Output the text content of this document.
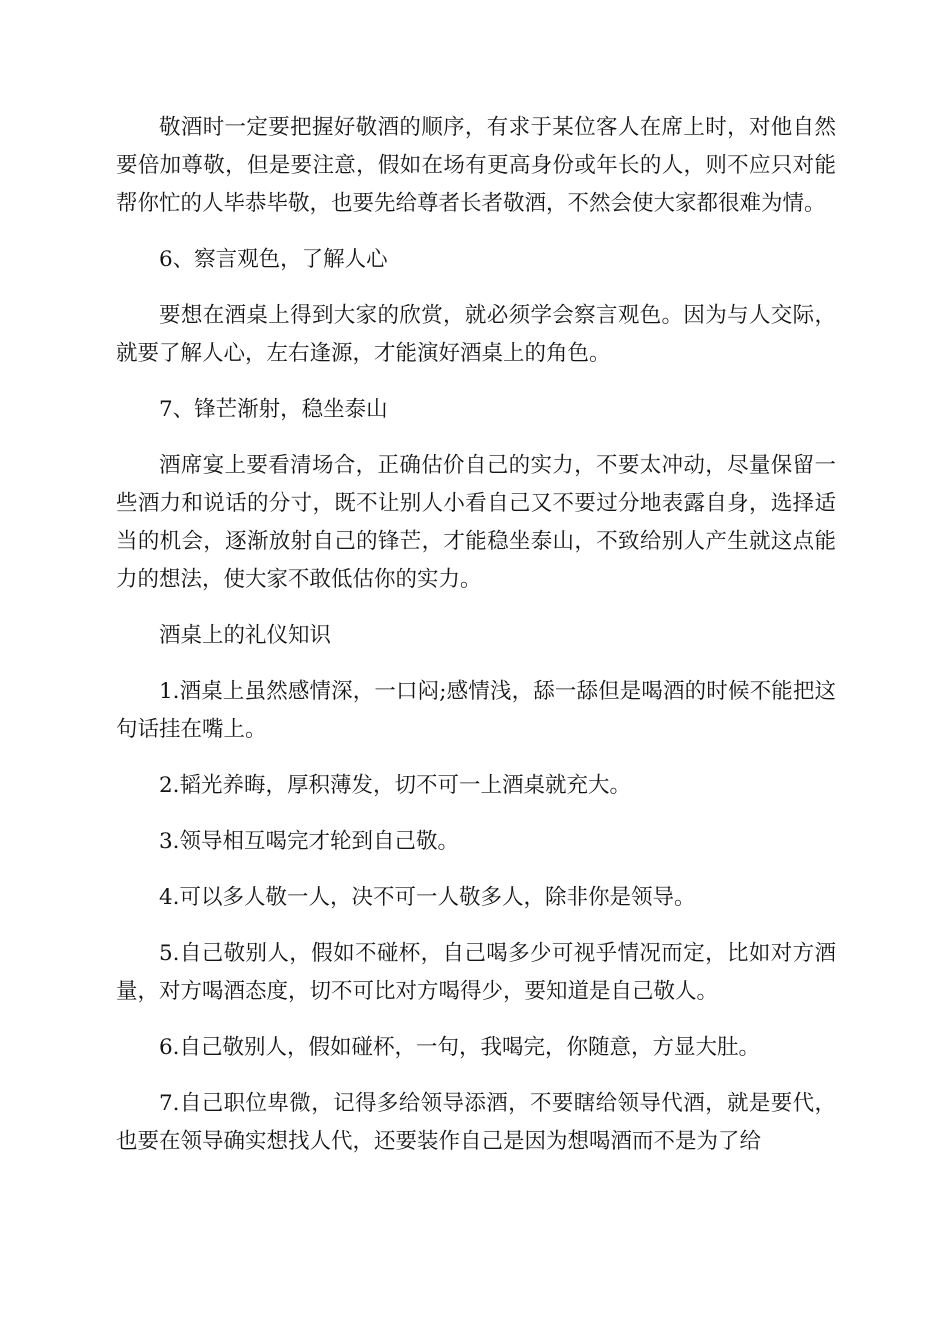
敬酒时一定要把握好敬酒的顺序，有求于某位客人在席上时，对他自然要倍加尊敬，但是要注意，假如在场有更高身份或年长的人，则不应只对能帮你忙的人毕恭毕敬，也要先给尊者长者敬酒，不然会使大家都很难为情。

6、察言观色，了解人心

要想在酒桌上得到大家的欣赏，就必须学会察言观色。因为与人交际，就要了解人心，左右逢源，才能演好酒桌上的角色。

7、锋芒渐射，稳坐泰山

酒席宴上要看清场合，正确估价自己的实力，不要太冲动，尽量保留一些酒力和说话的分寸，既不让别人小看自己又不要过分地表露自身，选择适当的机会，逐渐放射自己的锋芒，才能稳坐泰山，不致给别人产生就这点能力的想法，使大家不敢低估你的实力。

酒桌上的礼仪知识

1.酒桌上虽然感情深，一口闷;感情浅，舔一舔但是喝酒的时候不能把这句话挂在嘴上。

2.韬光养晦，厚积薄发，切不可一上酒桌就充大。

3.领导相互喝完才轮到自己敬。

4.可以多人敬一人，决不可一人敬多人，除非你是领导。

5.自己敬别人，假如不碰杯，自己喝多少可视乎情况而定，比如对方酒量，对方喝酒态度，切不可比对方喝得少，要知道是自己敬人。

6.自己敬别人，假如碰杯，一句，我喝完，你随意，方显大肚。

7.自己职位卑微，记得多给领导添酒，不要瞎给领导代酒，就是要代，也要在领导确实想找人代，还要装作自己是因为想喝酒而不是为了给
